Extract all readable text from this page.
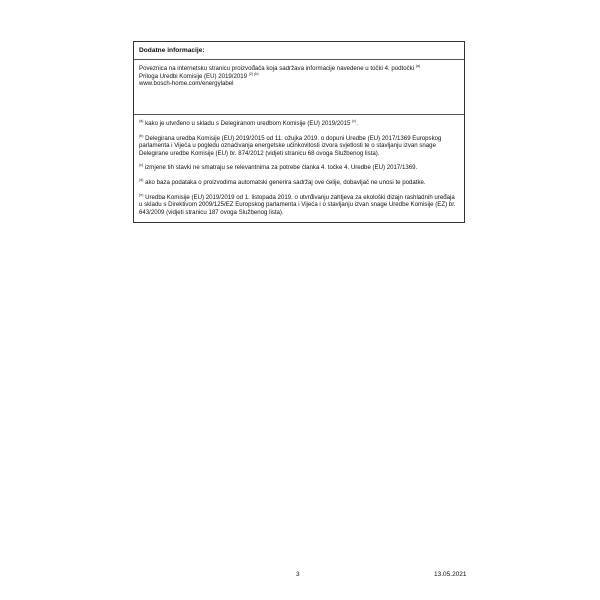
Dodatne informacije:
Poveznica na internetsku stranicu proizvođača koja sadržava informacije navedene u točki 4. podtočki $^{(a)}$
Priloga Uredbi Komisije (EU) 2019/2019 $^{(2) (b)}$
www.bosch-home.com/energylabel

$^{(a)}$ kako je utvrđeno u skladu s Delegiranom uredbom Komisije (EU) 2019/2015 $^{(c)}$.

$^{(b)}$ Delegirana uredba Komisije (EU) 2019/2015 od 11. ožujka 2019. o dopuni Uredbe (EU) 2017/1369 Europskog parlamenta i Vijeća u pogledu označivanja energetske učinkovitosti izvora svjetlosti te o stavljanju izvan snage Delegirane uredbe Komisije (EU) br. 874/2012 (vidjeti stranicu 68 ovoga Službenog lista).

$^{(c)}$ izmjene tih stavki ne smatraju se relevantnima za potrebe članka 4. točke 4. Uredbe (EU) 2017/1369.

$^{(d)}$ ako baza podataka o proizvodima automatski generira sadržaj ove ćelije, dobavljač ne unosi te podatke.

$^{(e)}$ Uredba Komisije (EU) 2019/2019 od 1. listopada 2019. o utvrđivanju zahtjeva za ekološki dizajn rashladnih uređaja u skladu s Direktivom 2009/125/EZ Europskog parlamenta i Vijeća i o stavljanju izvan snage Uredbe Komisije (EZ) br. 643/2009 (vidjeti stranicu 187 ovoga Službenog lista).

3	13.05.2021
